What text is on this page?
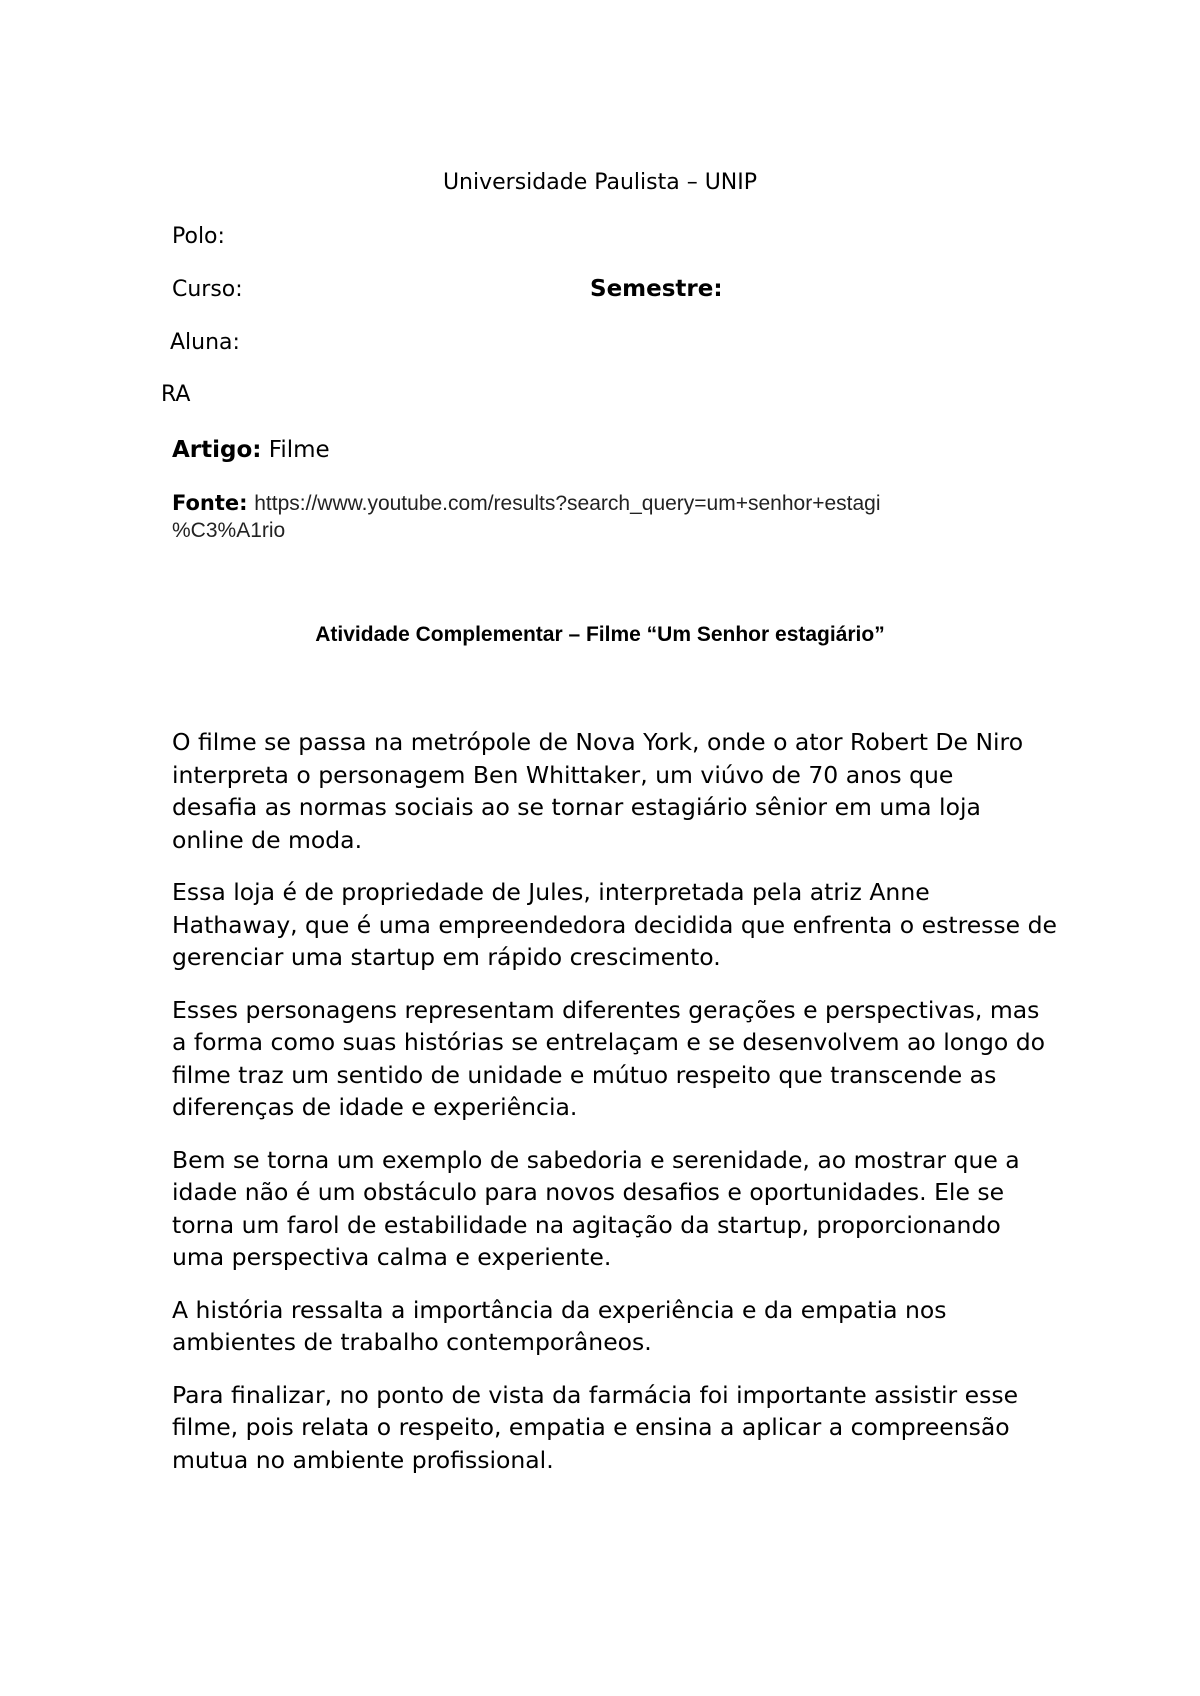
Universidade Paulista – UNIP
Polo:
Curso:	Semestre:
Aluna:
RA
Artigo: Filme
Fonte: https://www.youtube.com/results?search_query=um+senhor+estagi
%C3%A1rio
Atividade Complementar – Filme “Um Senhor estagiário”

O filme se passa na metrópole de Nova York, onde o ator Robert De Niro
interpreta o personagem Ben Whittaker, um viúvo de 70 anos que
desafia as normas sociais ao se tornar estagiário sênior em uma loja
online de moda.

Essa loja é de propriedade de Jules, interpretada pela atriz Anne
Hathaway, que é uma empreendedora decidida que enfrenta o estresse de
gerenciar uma startup em rápido crescimento.

Esses personagens representam diferentes gerações e perspectivas, mas
a forma como suas histórias se entrelaçam e se desenvolvem ao longo do
filme traz um sentido de unidade e mútuo respeito que transcende as
diferenças de idade e experiência.

Bem se torna um exemplo de sabedoria e serenidade, ao mostrar que a
idade não é um obstáculo para novos desafios e oportunidades. Ele se
torna um farol de estabilidade na agitação da startup, proporcionando
uma perspectiva calma e experiente.

A história ressalta a importância da experiência e da empatia nos
ambientes de trabalho contemporâneos.

Para finalizar, no ponto de vista da farmácia foi importante assistir esse
filme, pois relata o respeito, empatia e ensina a aplicar a compreensão
mutua no ambiente profissional.
